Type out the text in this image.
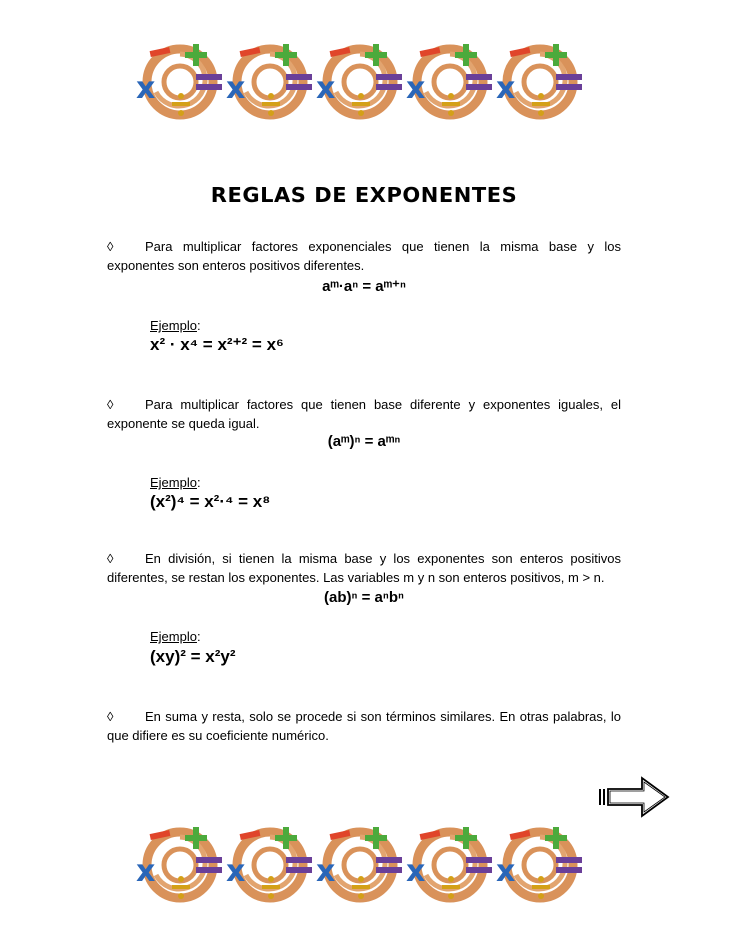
REGLAS DE EXPONENTES
◊ Para multiplicar factores exponenciales que tienen la misma base y los exponentes son enteros positivos diferentes.
aᵐ·aⁿ = aᵐ⁺ⁿ
Ejemplo:
x² · x⁴ = x²⁺² = x⁶
◊ Para multiplicar factores que tienen base diferente y exponentes iguales, el exponente se queda igual.
(aᵐ)ⁿ = aᵐⁿ
Ejemplo:
(x²)⁴ = x²·⁴ = x⁸
◊ En división, si tienen la misma base y los exponentes son enteros positivos diferentes, se restan los exponentes. Las variables m y n son enteros positivos, m > n.
(ab)ⁿ = aⁿbⁿ
Ejemplo:
(xy)² = x²y²
◊ En suma y resta, solo se procede si son términos similares. En otras palabras, lo que difiere es su coeficiente numérico.
